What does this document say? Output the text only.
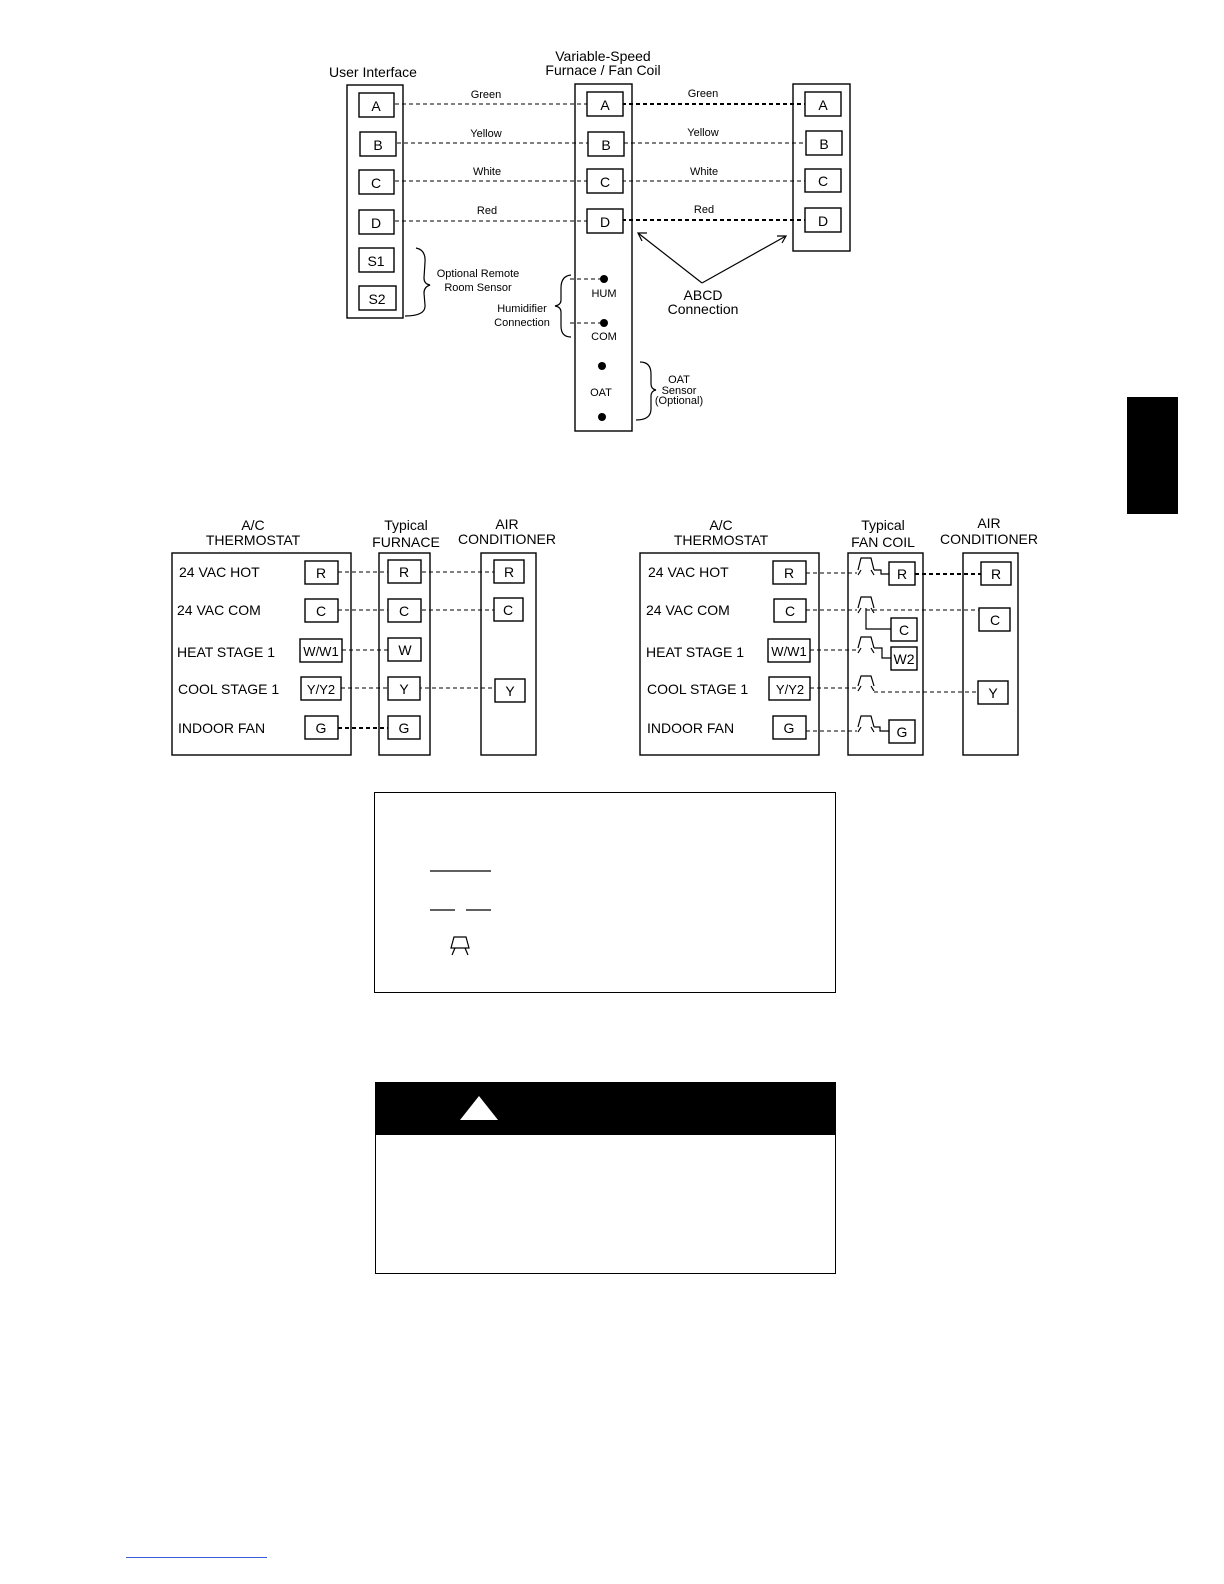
User Interface
Variable-Speed
Furnace / Fan Coil
Green
Yellow
White
Red
Green
Yellow
White
Red
A
B
C
D
S1
S2
A
B
C
D
A
B
C
D
Optional Remote
Room Sensor	HUM
COM
Humidifier
Connection
OAT
OAT
Sensor
(Optional)
ABCD
Connection
A/C
THERMOSTAT
Typical
FURNACE
AIR
CONDITIONER
24 VAC HOT
24 VAC COM
HEAT STAGE 1
COOL STAGE 1
INDOOR FAN
R
C
W/W1
Y/Y2
G
R
C
W
Y
G
R
C
Y
A/C
THERMOSTAT
Typical
FAN COIL
AIR
CONDITIONER
24 VAC HOT
24 VAC COM
HEAT STAGE 1
COOL STAGE 1
INDOOR FAN
R
C
W/W1
Y/Y2
G
R
C
W2
G
R
C
Y
